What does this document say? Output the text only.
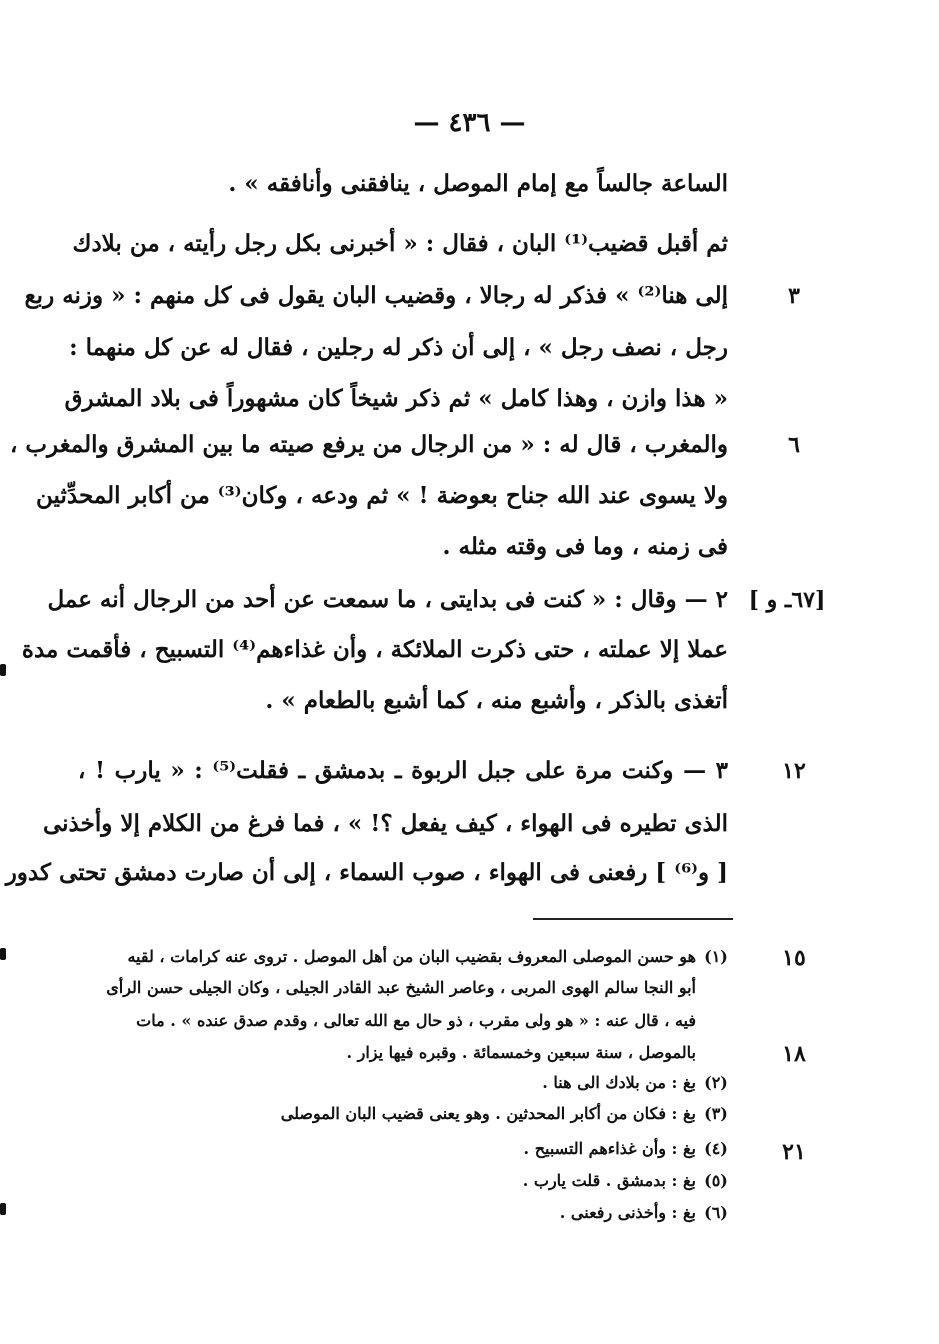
— ٤٣٦ —
الساعة جالساً مع إمام الموصل ، ينافقنى وأنافقه » .
ثم أقبل قضيب⁽¹⁾ البان ، فقال : « أخبرنى بكل رجل رأيته ، من بلادك
إلى هنا⁽²⁾ » فذكر له رجالا ، وقضيب البان يقول فى كل منهم : « وزنه ربع
رجل ، نصف رجل » ، إلى أن ذكر له رجلين ، فقال له عن كل منهما :
« هذا وازن ، وهذا كامل » ثم ذكر شيخاً كان مشهوراً فى بلاد المشرق
والمغرب ، قال له : « من الرجال من يرفع صيته ما بين المشرق والمغرب ،
ولا يسوى عند الله جناح بعوضة ! » ثم ودعه ، وكان⁽³⁾ من أكابر المحدِّثين
فى زمنه ، وما فى وقته مثله .
٢ — وقال : « كنت فى بدايتى ، ما سمعت عن أحد من الرجال أنه عمل
عملا إلا عملته ، حتى ذكرت الملائكة ، وأن غذاءهم⁽⁴⁾ التسبيح ، فأقمت مدة
أتغذى بالذكر ، وأشبع منه ، كما أشبع بالطعام » .
٣ — وكنت مرة على جبل الربوة ـ بدمشق ـ فقلت⁽⁵⁾ : « يارب ! ،
الذى تطيره فى الهواء ، كيف يفعل ؟! » ، فما فرغ من الكلام إلا وأخذنى
[ و⁽⁶⁾ ] رفعنى فى الهواء ، صوب السماء ، إلى أن صارت دمشق تحتى كدور
٣
٦
[٦٧ـ و ]
١٢
(١)
هو حسن الموصلى المعروف بقضيب البان من أهل الموصل . تروى عنه كرامات ، لقيه
أبو النجا سالم الهوى المربى ، وعاصر الشيخ عبد القادر الجيلى ، وكان الجيلى حسن الرأى
فيه ، قال عنه : « هو ولى مقرب ، ذو حال مع الله تعالى ، وقدم صدق عنده » . مات
بالموصل ، سنة سبعين وخمسمائة . وقبره فيها يزار .
(٢)
بغ : من بلادك الى هنا .
(٣)
بغ : فكان من أكابر المحدثين . وهو يعنى قضيب البان الموصلى
(٤)
بغ : وأن غذاءهم التسبيح .
(٥)
بغ : بدمشق . قلت يارب .
(٦)
بغ : وأخذنى رفعنى .
١٥
١٨
٢١
